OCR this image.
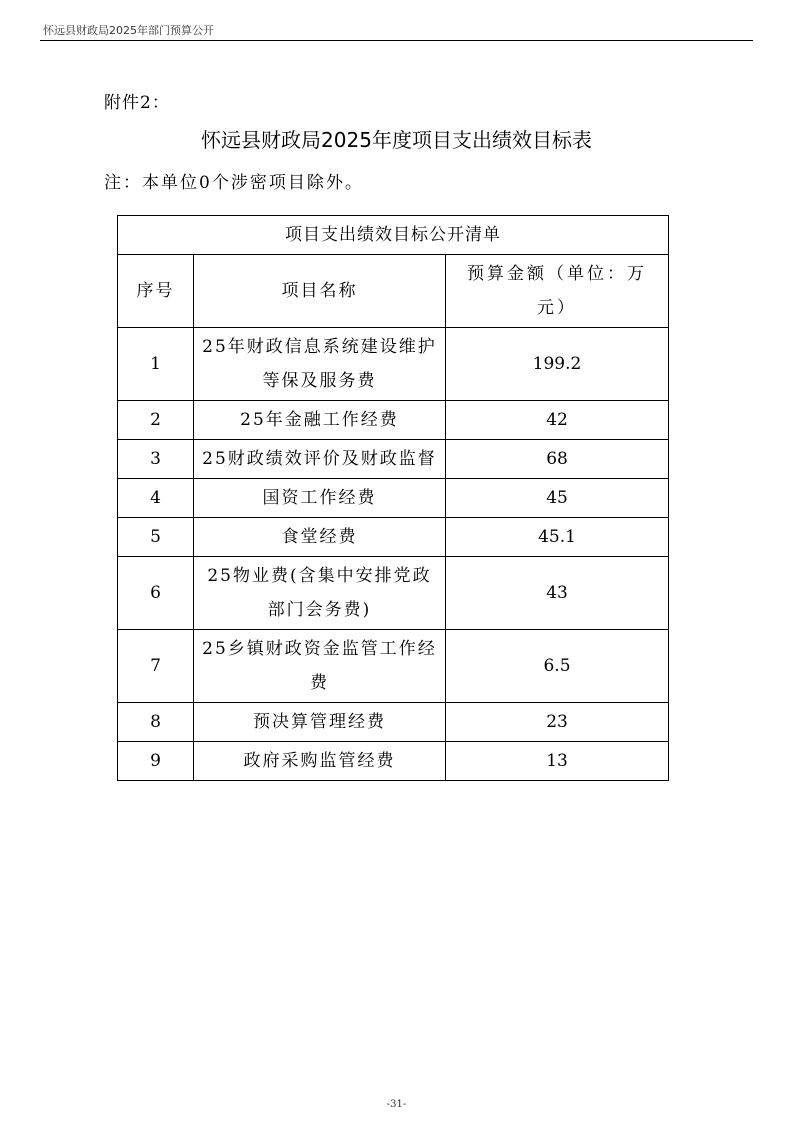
怀远县财政局2025年部门预算公开
附件2：
怀远县财政局2025年度项目支出绩效目标表
注：本单位0个涉密项目除外。
项目支出绩效目标公开清单		
序号	项目名称	预算金额（单位：万元）
1	25年财政信息系统建设维护等保及服务费	199.2
2	25年金融工作经费	42
3	25财政绩效评价及财政监督	68
4	国资工作经费	45
5	食堂经费	45.1
6	25物业费(含集中安排党政部门会务费)	43
7	25乡镇财政资金监管工作经费	6.5
8	预决算管理经费	23
9	政府采购监管经费	13
-31-
